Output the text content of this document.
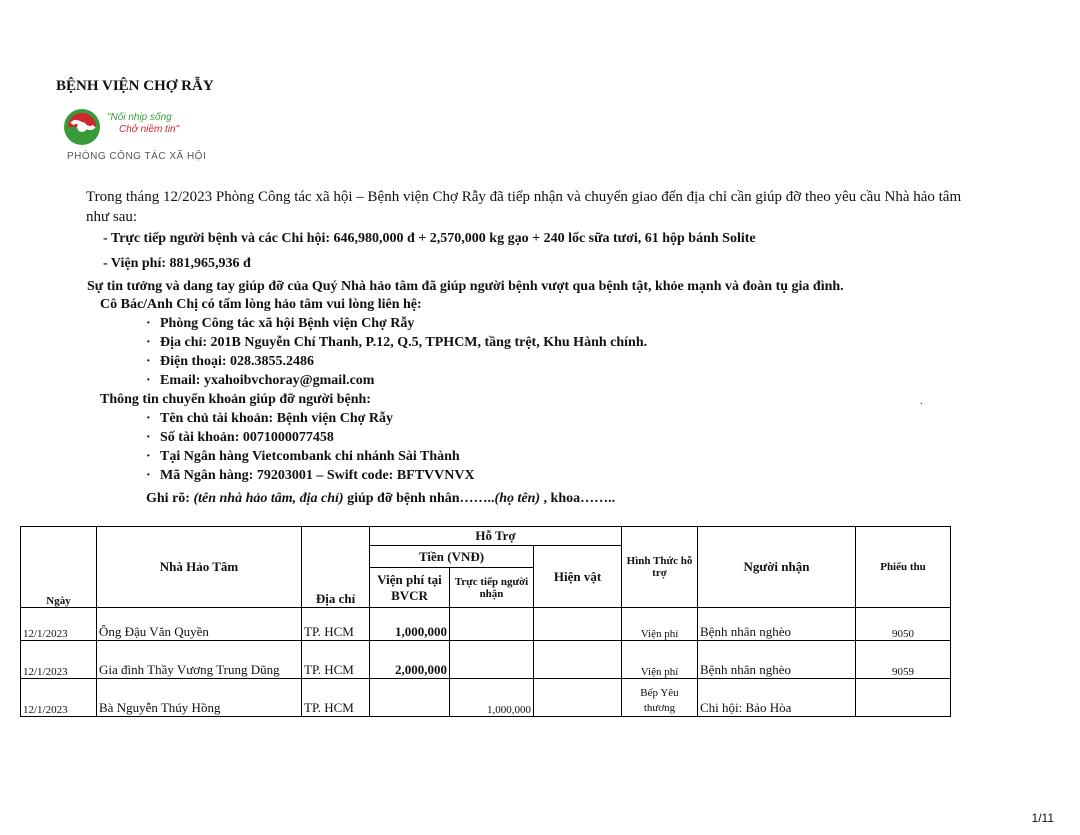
BỆNH VIỆN CHỢ RẪY
"Nối nhịp sống
Chở niềm tin"
PHÒNG CÔNG TÁC XÃ HỘI
Trong tháng 12/2023 Phòng Công tác xã hội – Bệnh viện Chợ Rẫy đã tiếp nhận và chuyển giao đến địa chỉ cần giúp đỡ theo yêu cầu Nhà hảo tâm như sau:
- Trực tiếp người bệnh và các Chi hội: 646,980,000 đ + 2,570,000 kg gạo + 240 lốc sữa tươi, 61 hộp bánh Solite
- Viện phí: 881,965,936 đ
Sự tin tưởng và dang tay giúp đỡ của Quý Nhà hảo tâm đã giúp người bệnh vượt qua bệnh tật, khỏe mạnh và đoàn tụ gia đình.
Cô Bác/Anh Chị có tấm lòng hảo tâm vui lòng liên hệ:
· Phòng Công tác xã hội Bệnh viện Chợ Rẫy
· Địa chỉ: 201B Nguyễn Chí Thanh, P.12, Q.5, TPHCM, tầng trệt, Khu Hành chính.
· Điện thoại: 028.3855.2486
· Email: yxahoibvchoray@gmail.com
Thông tin chuyển khoản giúp đỡ người bệnh:	.
· Tên chủ tài khoản: Bệnh viện Chợ Rẫy
· Số tài khoản: 0071000077458
· Tại Ngân hàng Vietcombank chi nhánh Sài Thành
· Mã Ngân hàng: 79203001 – Swift code: BFTVVNVX
Ghi rõ: (tên nhà hảo tâm, địa chỉ) giúp đỡ bệnh nhân……..(họ tên) , khoa……..
Ngày	Nhà Hảo Tâm	Địa chỉ	Hỗ Trợ			Hình Thức hỗ trợ	Người nhận	Phiếu thu
			Tiền (VNĐ)		Hiện vật			
			Viện phí tại BVCR	Trực tiếp người nhận				
12/1/2023	Ông Đậu Văn Quyền	TP. HCM	1,000,000			Viện phí	Bệnh nhân nghèo	9050
12/1/2023	Gia đình Thầy Vương Trung Dũng	TP. HCM	2,000,000			Viện phí	Bệnh nhân nghèo	9059
12/1/2023	Bà Nguyễn Thúy Hồng	TP. HCM		1,000,000		Bếp Yêu thương	Chi hội: Bảo Hòa	
1/11
